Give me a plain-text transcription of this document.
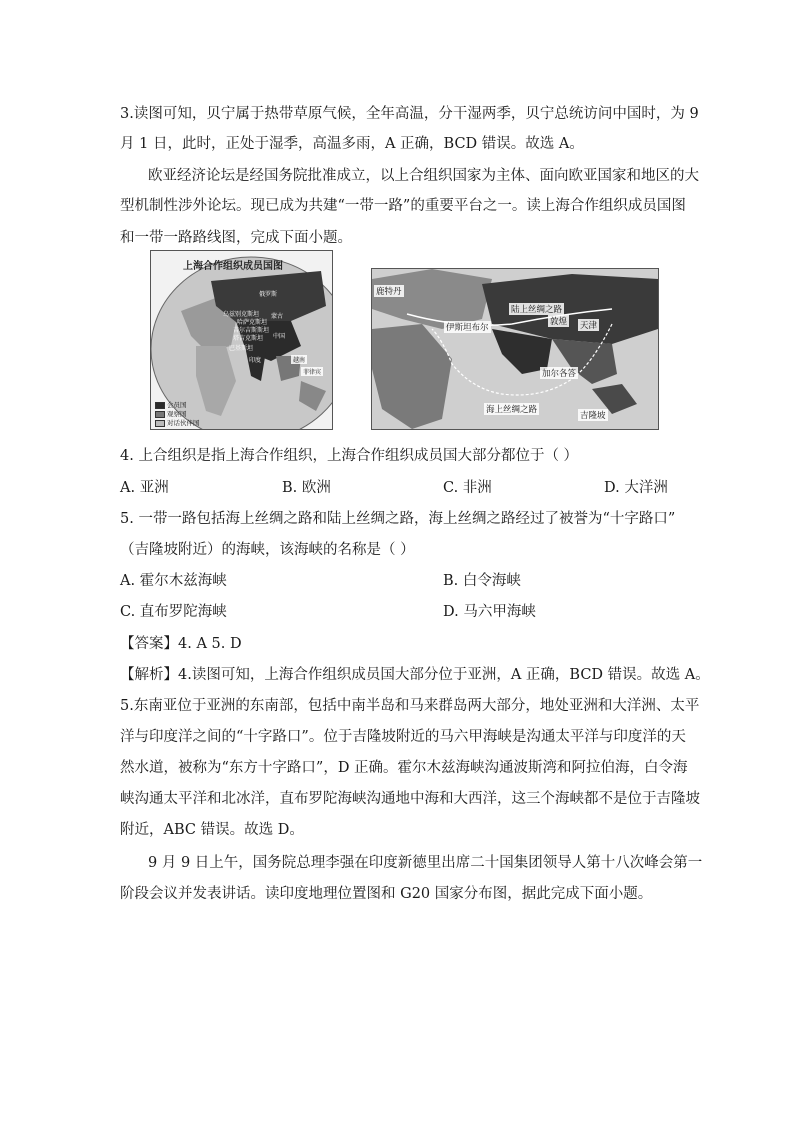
3.读图可知，贝宁属于热带草原气候，全年高温，分干湿两季，贝宁总统访问中国时，为 9
月 1 日，此时，正处于湿季，高温多雨，A 正确，BCD 错误。故选 A。
欧亚经济论坛是经国务院批准成立，以上合组织国家为主体、面向欧亚国家和地区的大
型机制性涉外论坛。现已成为共建“一带一路”的重要平台之一。读上海合作组织成员国图
和一带一路路线图，完成下面小题。
上海合作组织成员国图
俄罗斯
乌兹别克斯坦
哈萨克斯坦
吉尔吉斯斯坦
塔吉克斯坦
巴基斯坦
中国
印度
蒙古
越南
菲律宾
会员国
观察国
对话伙伴国
鹿特丹
陆上丝绸之路
伊斯坦布尔
敦煌 天津
加尔各答
海上丝绸之路
吉隆坡
4. 上合组织是指上海合作组织，上海合作组织成员国大部分都位于（ ）
A. 亚洲	B. 欧洲	C. 非洲	D. 大洋洲
5. 一带一路包括海上丝绸之路和陆上丝绸之路，海上丝绸之路经过了被誉为“十字路口”
（吉隆坡附近）的海峡，该海峡的名称是（ ）
A. 霍尔木兹海峡	B. 白令海峡
C. 直布罗陀海峡	D. 马六甲海峡
【答案】4. A 5. D
【解析】4.读图可知，上海合作组织成员国大部分位于亚洲，A 正确，BCD 错误。故选 A。
5.东南亚位于亚洲的东南部，包括中南半岛和马来群岛两大部分，地处亚洲和大洋洲、太平
洋与印度洋之间的“十字路口”。位于吉隆坡附近的马六甲海峡是沟通太平洋与印度洋的天
然水道，被称为“东方十字路口”，D 正确。霍尔木兹海峡沟通波斯湾和阿拉伯海，白令海
峡沟通太平洋和北冰洋，直布罗陀海峡沟通地中海和大西洋，这三个海峡都不是位于吉隆坡
附近，ABC 错误。故选 D。
9 月 9 日上午，国务院总理李强在印度新德里出席二十国集团领导人第十八次峰会第一
阶段会议并发表讲话。读印度地理位置图和 G20 国家分布图，据此完成下面小题。
